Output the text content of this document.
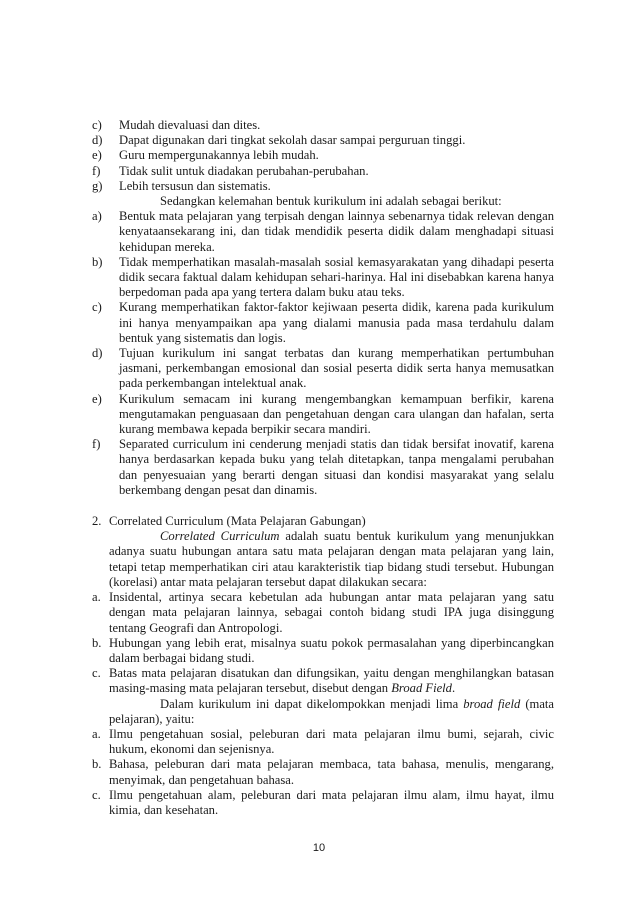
c) Mudah dievaluasi dan dites.
d) Dapat digunakan dari tingkat sekolah dasar sampai perguruan tinggi.
e) Guru mempergunakannya lebih mudah.
f) Tidak sulit untuk diadakan perubahan-perubahan.
g) Lebih tersusun dan sistematis.
Sedangkan kelemahan bentuk kurikulum ini adalah sebagai berikut:
a) Bentuk mata pelajaran yang terpisah dengan lainnya sebenarnya tidak relevan dengan kenyataansekarang ini, dan tidak mendidik peserta didik dalam menghadapi situasi kehidupan mereka.
b) Tidak memperhatikan masalah-masalah sosial kemasyarakatan yang dihadapi peserta didik secara faktual dalam kehidupan sehari-harinya. Hal ini disebabkan karena hanya berpedoman pada apa yang tertera dalam buku atau teks.
c) Kurang memperhatikan faktor-faktor kejiwaan peserta didik, karena pada kurikulum ini hanya menyampaikan apa yang dialami manusia pada masa terdahulu dalam bentuk yang sistematis dan logis.
d) Tujuan kurikulum ini sangat terbatas dan kurang memperhatikan pertumbuhan jasmani, perkembangan emosional dan sosial peserta didik serta hanya memusatkan pada perkembangan intelektual anak.
e) Kurikulum semacam ini kurang mengembangkan kemampuan berfikir, karena mengutamakan penguasaan dan pengetahuan dengan cara ulangan dan hafalan, serta kurang membawa kepada berpikir secara mandiri.
f) Separated curriculum ini cenderung menjadi statis dan tidak bersifat inovatif, karena hanya berdasarkan kepada buku yang telah ditetapkan, tanpa mengalami perubahan dan penyesuaian yang berarti dengan situasi dan kondisi masyarakat yang selalu berkembang dengan pesat dan dinamis.
2. Correlated Curriculum (Mata Pelajaran Gabungan)
Correlated Curriculum adalah suatu bentuk kurikulum yang menunjukkan adanya suatu hubungan antara satu mata pelajaran dengan mata pelajaran yang lain, tetapi tetap memperhatikan ciri atau karakteristik tiap bidang studi tersebut. Hubungan (korelasi) antar mata pelajaran tersebut dapat dilakukan secara:
a. Insidental, artinya secara kebetulan ada hubungan antar mata pelajaran yang satu dengan mata pelajaran lainnya, sebagai contoh bidang studi IPA juga disinggung tentang Geografi dan Antropologi.
b. Hubungan yang lebih erat, misalnya suatu pokok permasalahan yang diperbincangkan dalam berbagai bidang studi.
c. Batas mata pelajaran disatukan dan difungsikan, yaitu dengan menghilangkan batasan masing-masing mata pelajaran tersebut, disebut dengan Broad Field.
Dalam kurikulum ini dapat dikelompokkan menjadi lima broad field (mata pelajaran), yaitu:
a. Ilmu pengetahuan sosial, peleburan dari mata pelajaran ilmu bumi, sejarah, civic hukum, ekonomi dan sejenisnya.
b. Bahasa, peleburan dari mata pelajaran membaca, tata bahasa, menulis, mengarang, menyimak, dan pengetahuan bahasa.
c. Ilmu pengetahuan alam, peleburan dari mata pelajaran ilmu alam, ilmu hayat, ilmu kimia, dan kesehatan.
10
